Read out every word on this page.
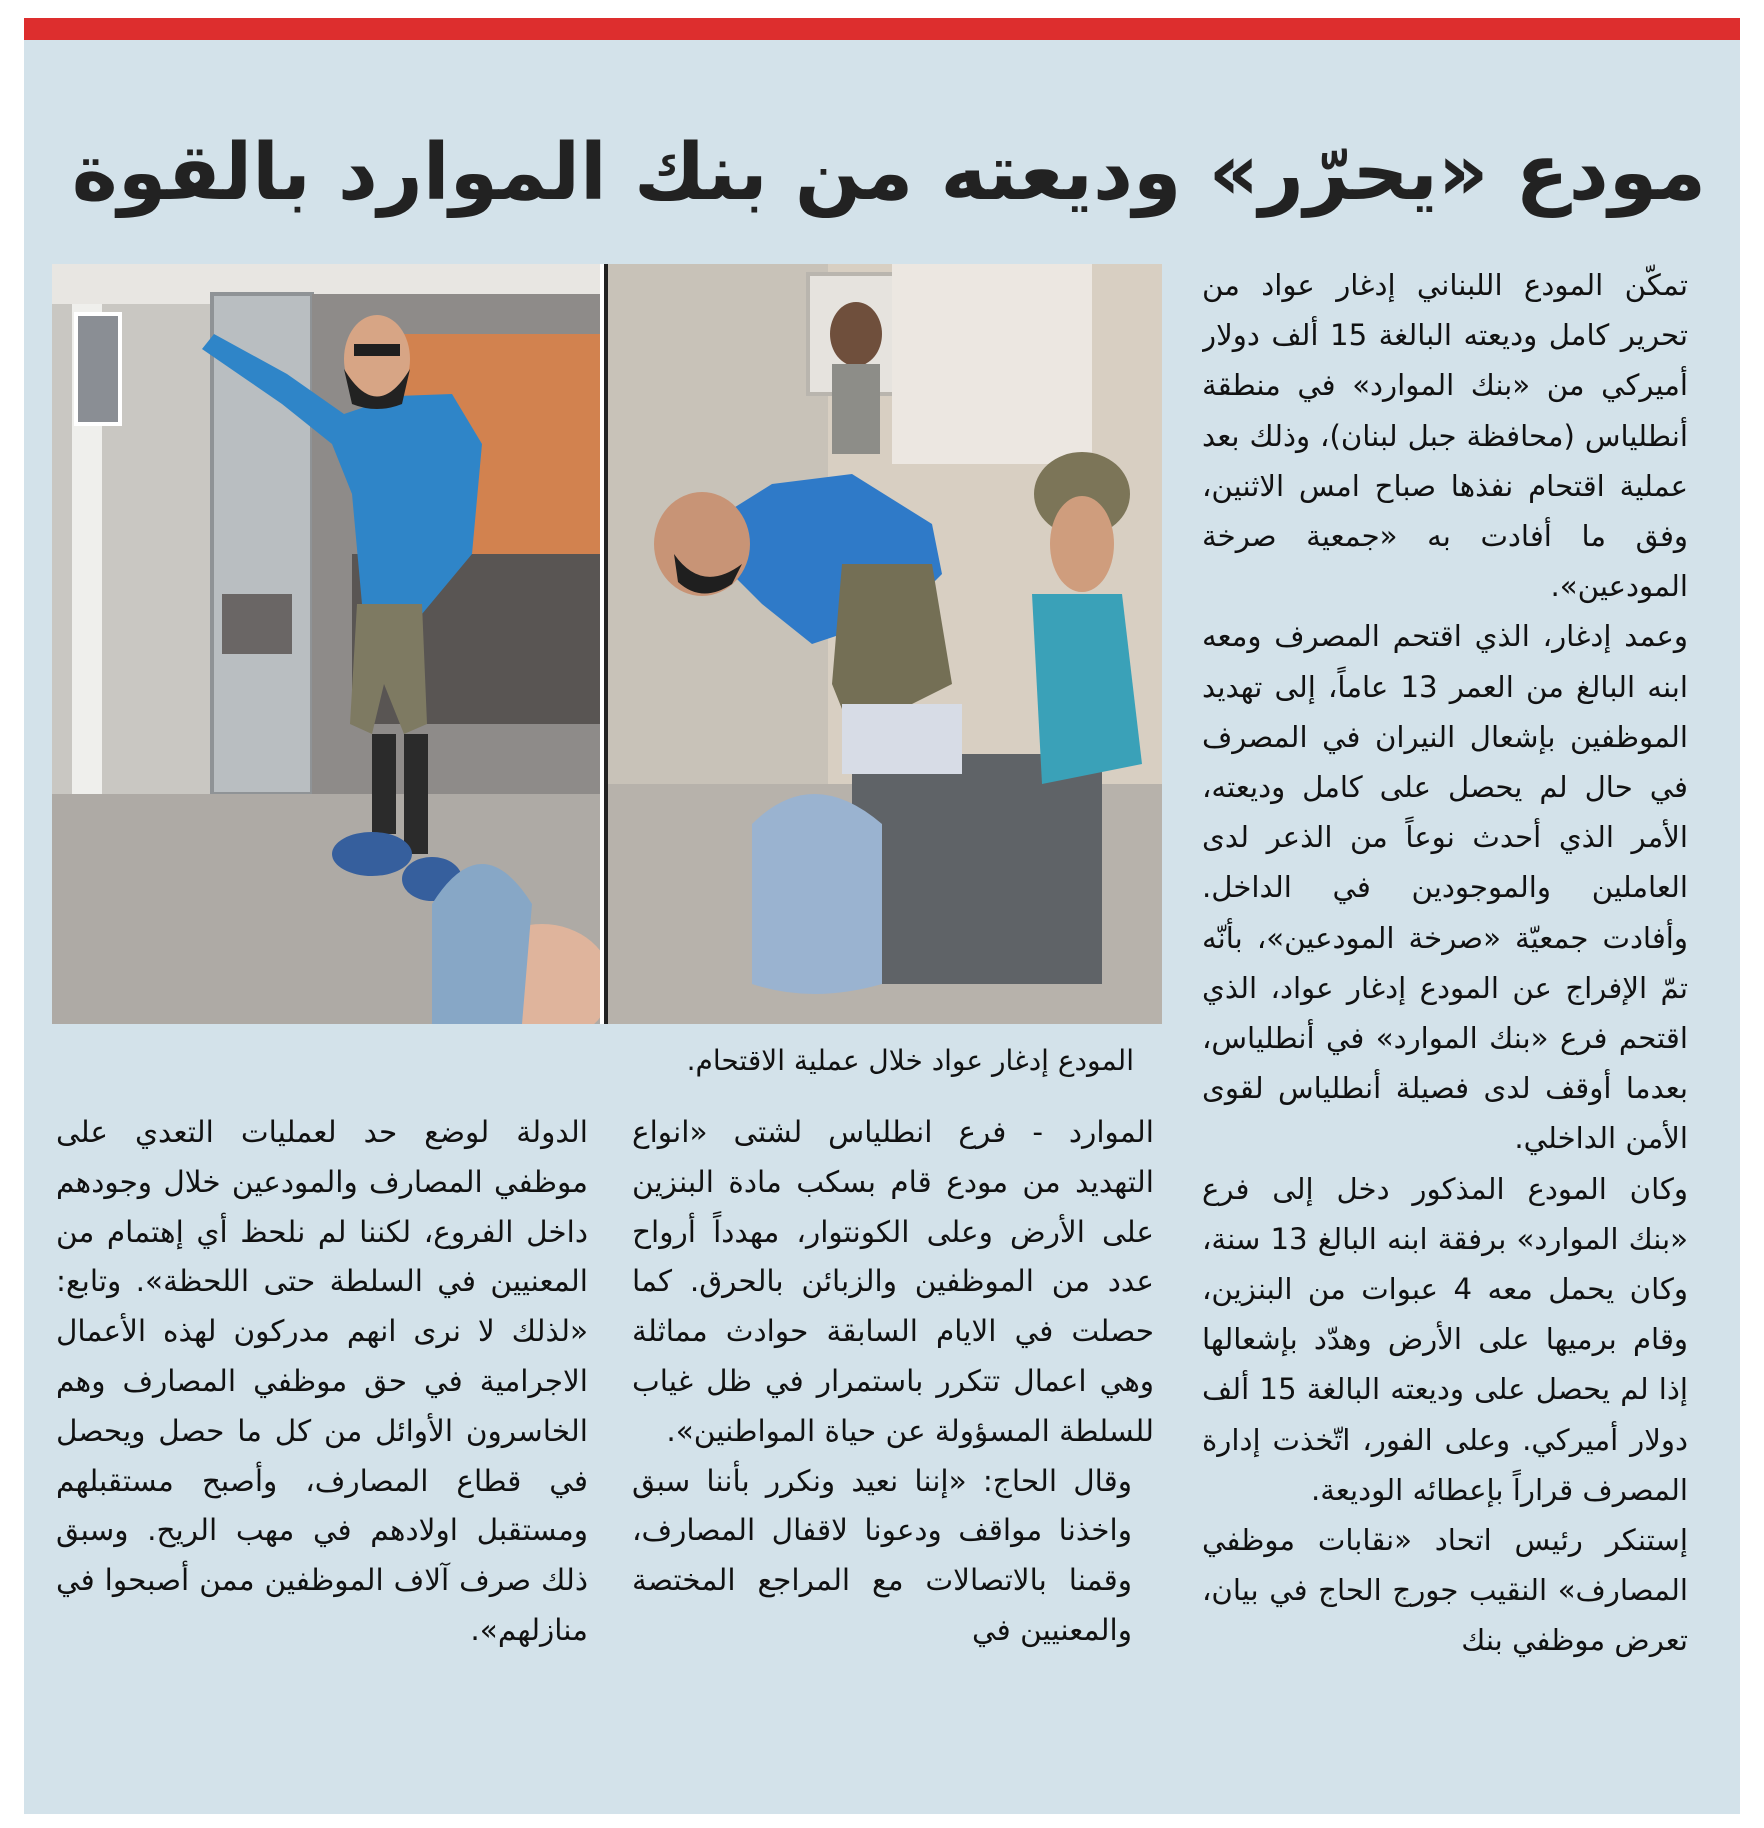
مودع «يحرّر» وديعته من بنك الموارد بالقوة

تمكّن المودع اللبناني إدغار عواد من تحرير كامل وديعته البالغة 15 ألف دولار أميركي من «بنك الموارد» في منطقة أنطلياس (محافظة جبل لبنان)، وذلك بعد عملية اقتحام نفذها صباح امس الاثنين، وفق ما أفادت به «جمعية صرخة المودعين».

وعمد إدغار، الذي اقتحم المصرف ومعه ابنه البالغ من العمر 13 عاماً، إلى تهديد الموظفين بإشعال النيران في المصرف في حال لم يحصل على كامل وديعته، الأمر الذي أحدث نوعاً من الذعر لدى العاملين والموجودين في الداخل. وأفادت جمعيّة «صرخة المودعين»، بأنّه تمّ الإفراج عن المودع إدغار عواد، الذي اقتحم فرع «بنك الموارد» في أنطلياس، بعدما أوقف لدى فصيلة أنطلياس لقوى الأمن الداخلي.

وكان المودع المذكور دخل إلى فرع «بنك الموارد» برفقة ابنه البالغ 13 سنة، وكان يحمل معه 4 عبوات من البنزين، وقام برميها على الأرض وهدّد بإشعالها إذا لم يحصل على وديعته البالغة 15 ألف دولار أميركي. وعلى الفور، اتّخذت إدارة المصرف قراراً بإعطائه الوديعة.

إستنكر رئيس اتحاد «نقابات موظفي المصارف» النقيب جورج الحاج في بيان، تعرض موظفي بنك

المودع إدغار عواد خلال عملية الاقتحام.

الموارد - فرع انطلياس لشتى «انواع التهديد من مودع قام بسكب مادة البنزين على الأرض وعلى الكونتوار، مهدداً أرواح عدد من الموظفين والزبائن بالحرق. كما حصلت في الايام السابقة حوادث مماثلة وهي اعمال تتكرر باستمرار في ظل غياب للسلطة المسؤولة عن حياة المواطنين».

وقال الحاج: «إننا نعيد ونكرر بأننا سبق واخذنا مواقف ودعونا لاقفال المصارف، وقمنا بالاتصالات مع المراجع المختصة والمعنيين في

الدولة لوضع حد لعمليات التعدي على موظفي المصارف والمودعين خلال وجودهم داخل الفروع، لكننا لم نلحظ أي إهتمام من المعنيين في السلطة حتى اللحظة». وتابع: «لذلك لا نرى انهم مدركون لهذه الأعمال الاجرامية في حق موظفي المصارف وهم الخاسرون الأوائل من كل ما حصل ويحصل في قطاع المصارف، وأصبح مستقبلهم ومستقبل اولادهم في مهب الريح. وسبق ذلك صرف آلاف الموظفين ممن أصبحوا في منازلهم».
